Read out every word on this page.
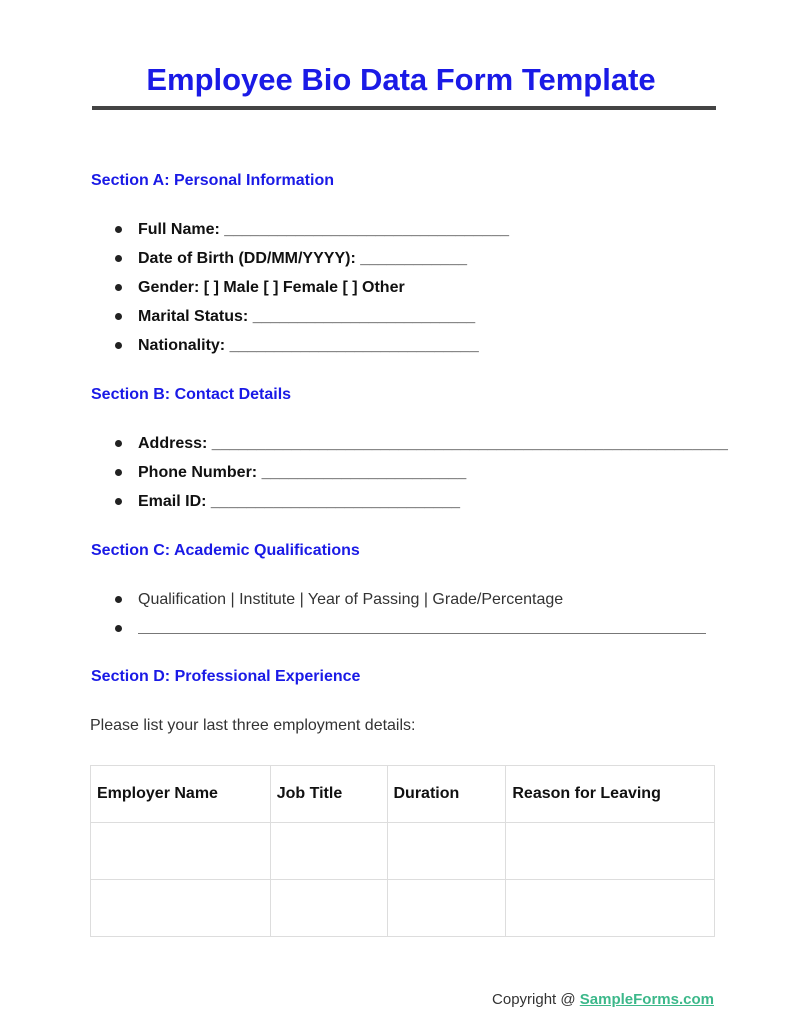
Employee Bio Data Form Template
Section A: Personal Information
Full Name: ________________________________
Date of Birth (DD/MM/YYYY): ____________
Gender: [ ] Male [ ] Female [ ] Other
Marital Status: _________________________
Nationality: ____________________________
Section B: Contact Details
Address: __________________________________________________________
Phone Number: _______________________
Email ID: ____________________________
Section C: Academic Qualifications
Qualification | Institute | Year of Passing | Grade/Percentage
Section D: Professional Experience

Please list your last three employment details:

Employer Name	Job Title	Duration	Reason for Leaving

Copyright @ SampleForms.com
